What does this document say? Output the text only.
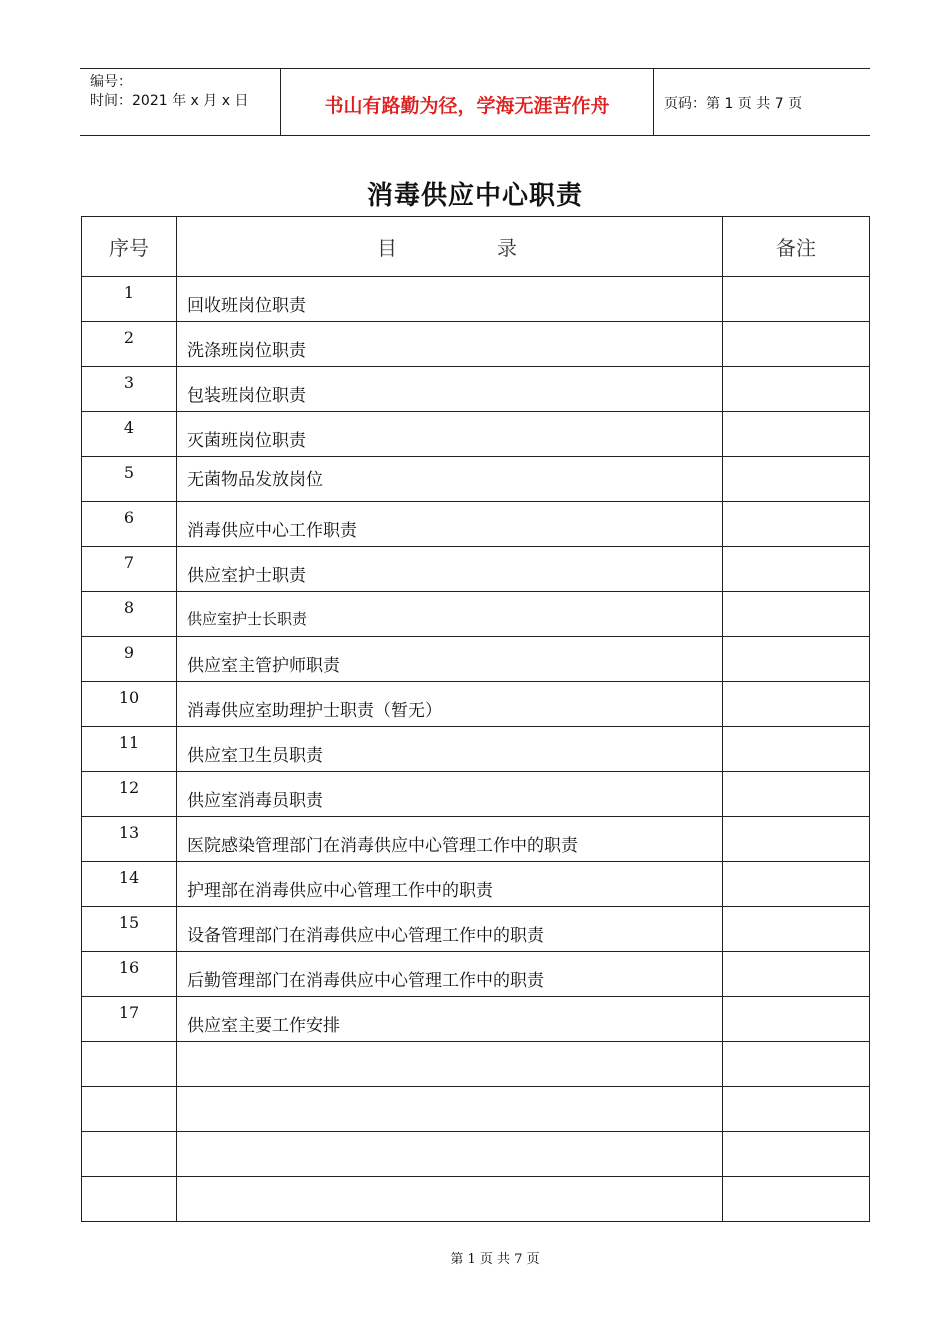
编号：
时间：2021 年 x 月 x 日	书山有路勤为径，学海无涯苦作舟	页码：第 1 页 共 7 页
消毒供应中心职责
序号	目 录	备注
1	回收班岗位职责	
2	洗涤班岗位职责	
3	包装班岗位职责	
4	灭菌班岗位职责	
5	无菌物品发放岗位	
6	消毒供应中心工作职责	
7	供应室护士职责	
8	供应室护士长职责	
9	供应室主管护师职责	
10	消毒供应室助理护士职责（暂无）	
11	供应室卫生员职责	
12	供应室消毒员职责	
13	医院感染管理部门在消毒供应中心管理工作中的职责	
14	护理部在消毒供应中心管理工作中的职责	
15	设备管理部门在消毒供应中心管理工作中的职责	
16	后勤管理部门在消毒供应中心管理工作中的职责	
17	供应室主要工作安排	

第 1 页 共 7 页
